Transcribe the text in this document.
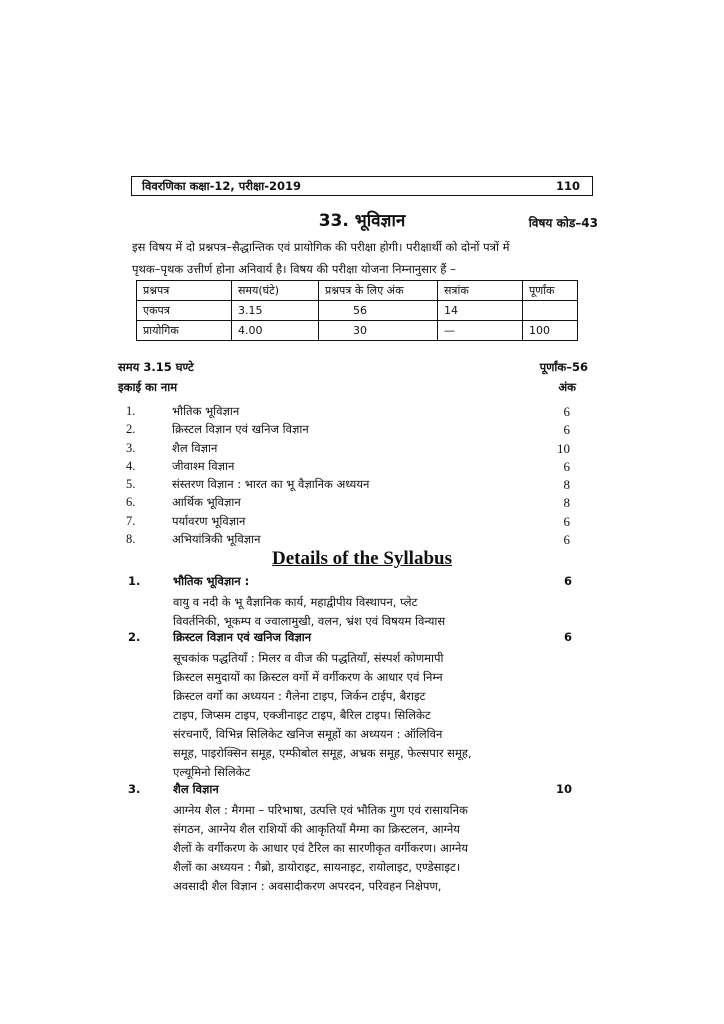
विवरणिका कक्षा-12, परीक्षा-2019	110
33. भूविज्ञान	विषय कोड–43
इस विषय में दो प्रश्नपत्र–सैद्धान्तिक एवं प्रायोगिक की परीक्षा होगी। परीक्षार्थी को दोनों पत्रों में
पृथक–पृथक उत्तीर्ण होना अनिवार्य है। विषय की परीक्षा योजना निम्नानुसार हैं –
प्रश्नपत्र	समय(घंटे)	प्रश्नपत्र के लिए अंक	सत्रांक	पूर्णांक
एकपत्र	3.15	56	14	
प्रायोगिक	4.00	30	—	100
समय 3.15 घण्टे	पूर्णांक–56
इकाई का नाम	अंक
1.	भौतिक भूविज्ञान	6
2.	क्रिस्टल विज्ञान एवं खनिज विज्ञान	6
3.	शैल विज्ञान	10
4.	जीवाश्म विज्ञान	6
5.	संस्तरण विज्ञान : भारत का भू वैज्ञानिक अध्ययन	8
6.	आर्थिक भूविज्ञान	8
7.	पर्यावरण भूविज्ञान	6
8.	अभियांत्रिकी भूविज्ञान	6
Details of the Syllabus
1.	भौतिक भूविज्ञान :	6
वायु व नदी के भू वैज्ञानिक कार्य, महाद्वीपीय विस्थापन, प्लेट
विवर्तनिकी, भूकम्प व ज्वालामुखी, वलन, भ्रंश एवं विषयम विन्यास
2.	क्रिस्टल विज्ञान एवं खनिज विज्ञान	6
सूचकांक पद्धतियाँ : मिलर व वीज की पद्धतियाँ, संस्पर्श कोणमापी
क्रिस्टल समुदायों का क्रिस्टल वर्गो में वर्गीकरण के आधार एवं निम्न
क्रिस्टल वर्गो का अध्ययन : गैलेना टाइप, जिर्कन टाईप, बैराइट
टाइप, जिप्सम टाइप, एक्जीनाइट टाइप, बैरिल टाइप। सिलिकेट
संरचनाएँ, विभिन्न सिलिकेट खनिज समूहों का अध्ययन : ऑलिविन
समूह, पाइरोक्सिन समूह, एम्फीबोल समूह, अभ्रक समूह, फेल्सपार समूह,
एल्यूमिनो सिलिकेट
3.	शैल विज्ञान	10
आग्नेय शैल : मैगमा – परिभाषा, उत्पत्ति एवं भौतिक गुण एवं रासायनिक
संगठन, आग्नेय शैल राशियों की आकृतियाँ मैग्मा का क्रिस्टलन, आग्नेय
शैलों के वर्गीकरण के आधार एवं टैरिल का सारणीकृत वर्गीकरण। आग्नेय
शैलों का अध्ययन : गैब्रो, डायोराइट, सायनाइट, रायोलाइट, एण्डेसाइट।
अवसादी शैल विज्ञान : अवसादीकरण अपरदन, परिवहन निक्षेपण,
